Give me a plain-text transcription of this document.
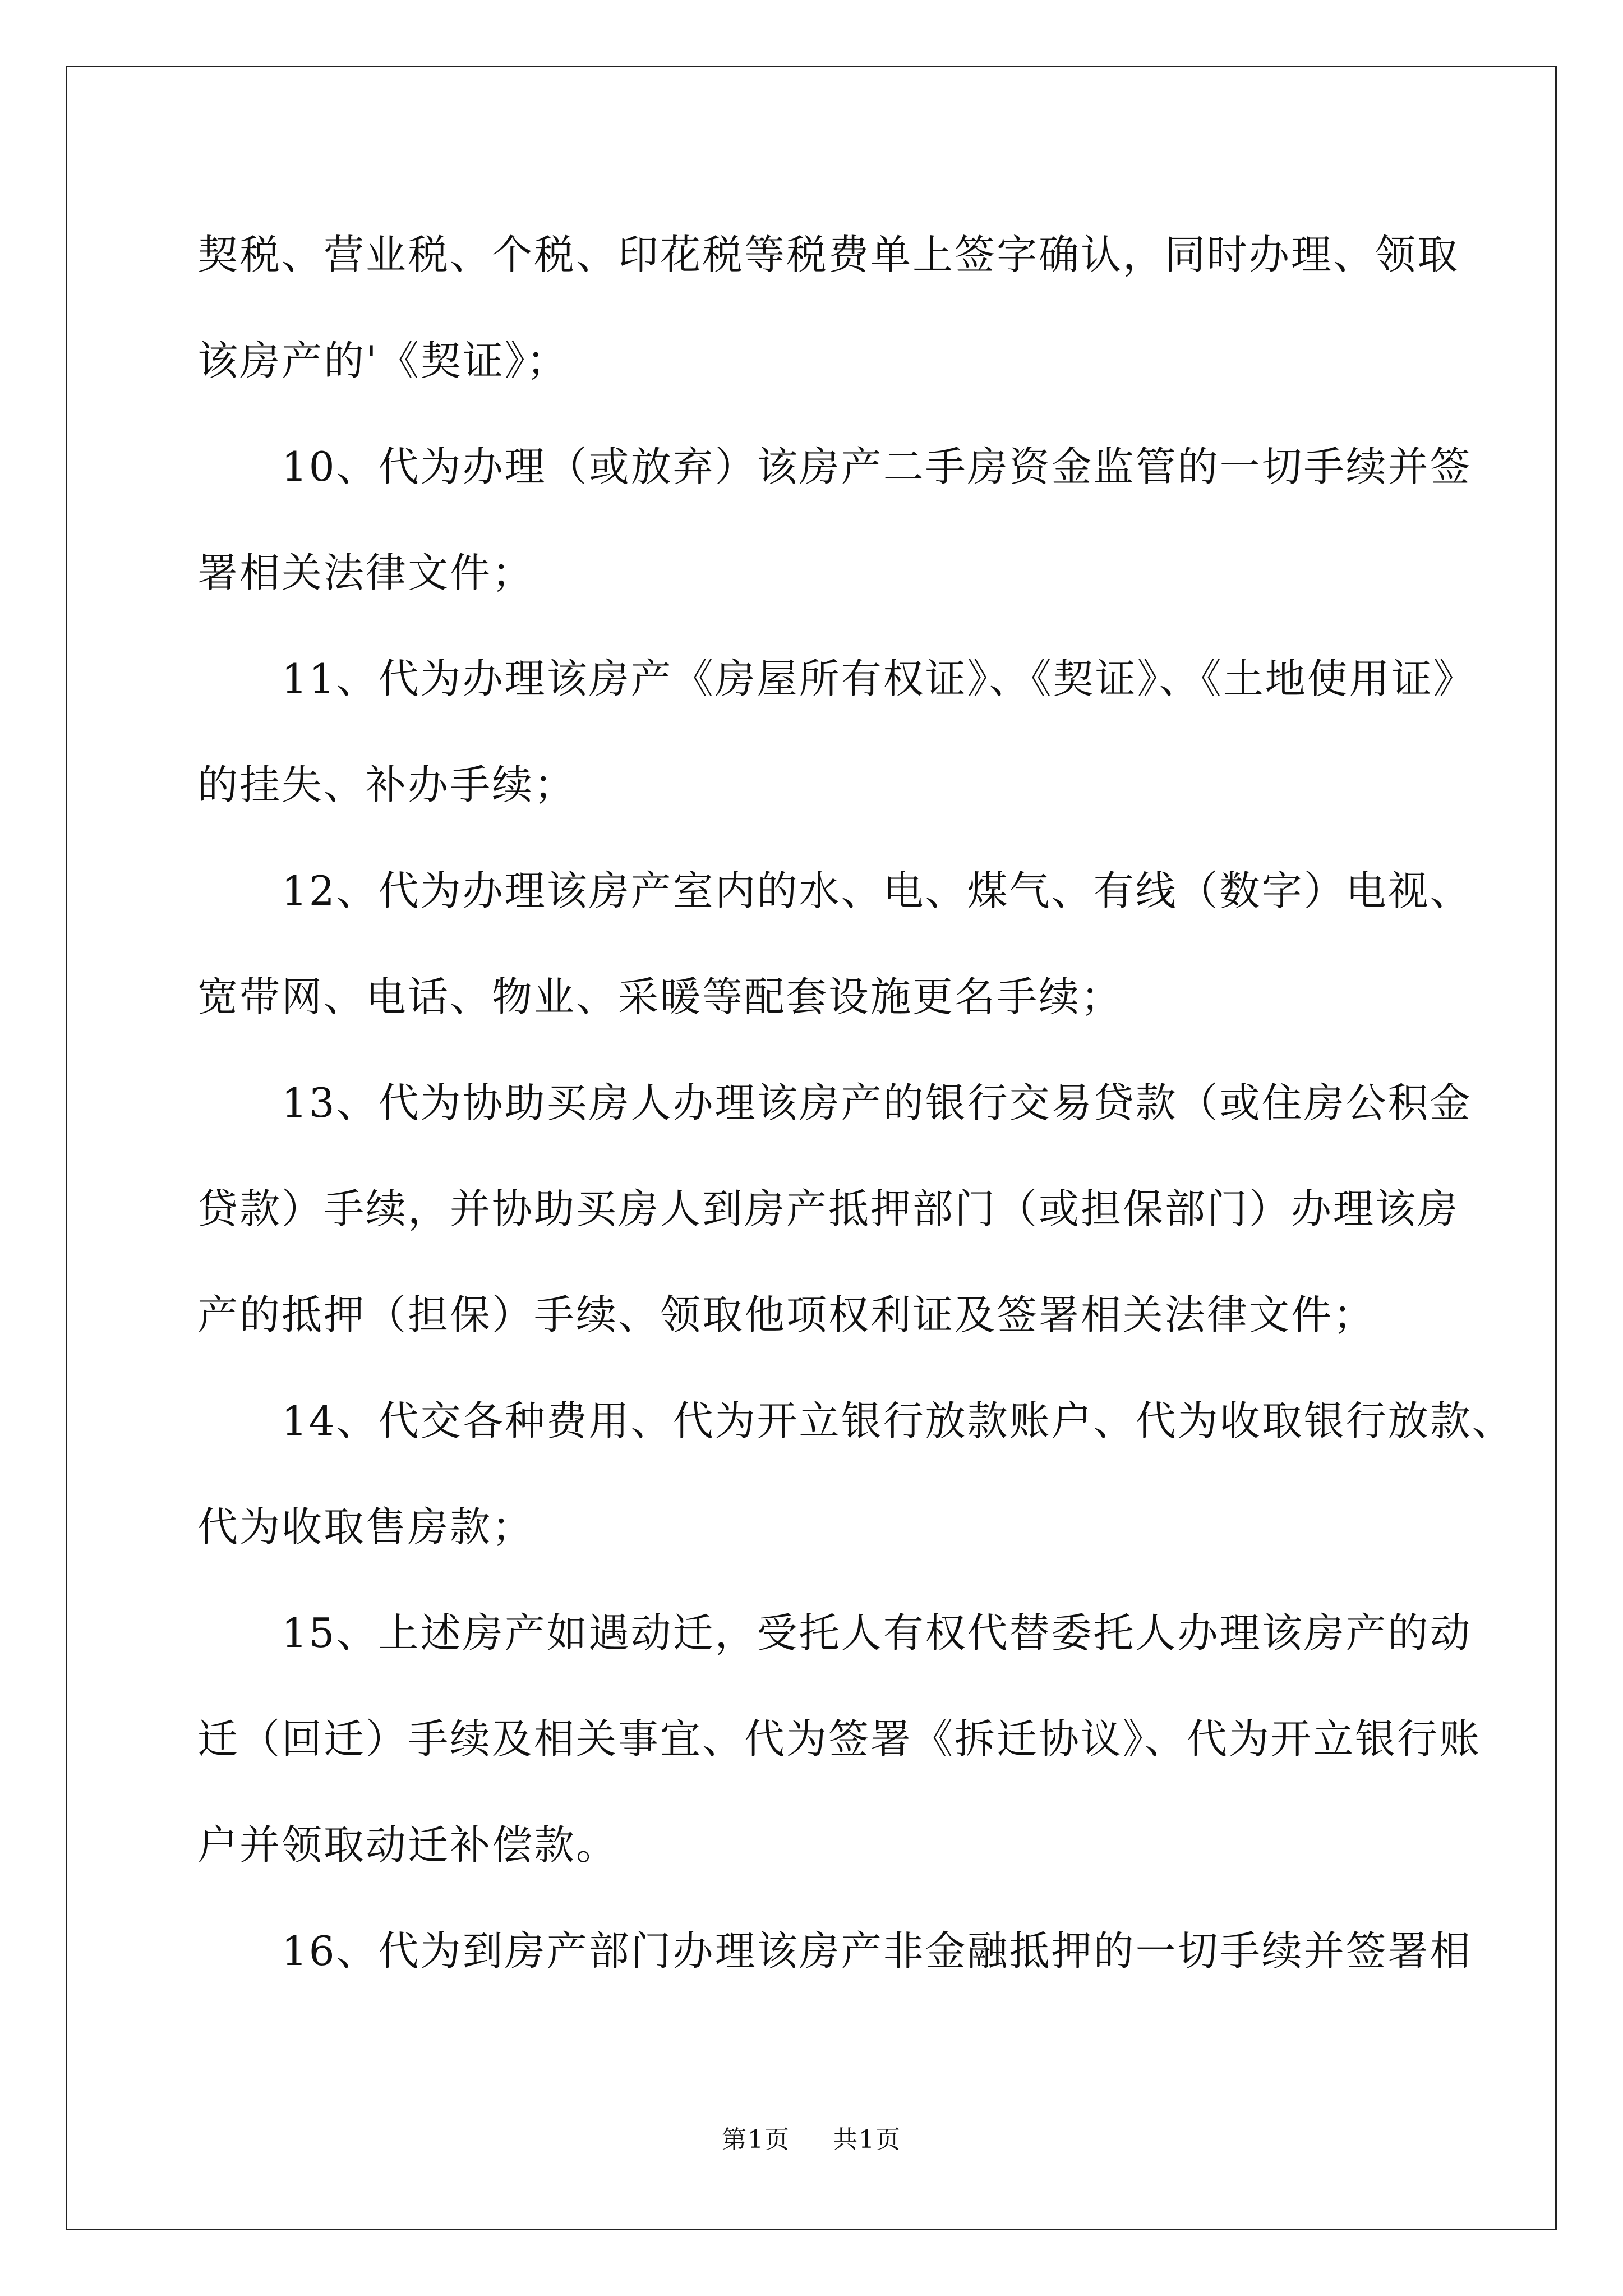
契税、营业税、个税、印花税等税费单上签字确认，同时办理、领取

该房产的'《契证》；

10、代为办理（或放弃）该房产二手房资金监管的一切手续并签

署相关法律文件；

11、代为办理该房产《房屋所有权证》、《契证》、《土地使用证》

的挂失、补办手续；

12、代为办理该房产室内的水、电、煤气、有线（数字）电视、

宽带网、电话、物业、采暖等配套设施更名手续；

13、代为协助买房人办理该房产的银行交易贷款（或住房公积金

贷款）手续，并协助买房人到房产抵押部门（或担保部门）办理该房

产的抵押（担保）手续、领取他项权利证及签署相关法律文件；

14、代交各种费用、代为开立银行放款账户、代为收取银行放款、

代为收取售房款；

15、上述房产如遇动迁，受托人有权代替委托人办理该房产的动

迁（回迁）手续及相关事宜、代为签署《拆迁协议》、代为开立银行账

户并领取动迁补偿款。

16、代为到房产部门办理该房产非金融抵押的一切手续并签署相

第1页 共1页
